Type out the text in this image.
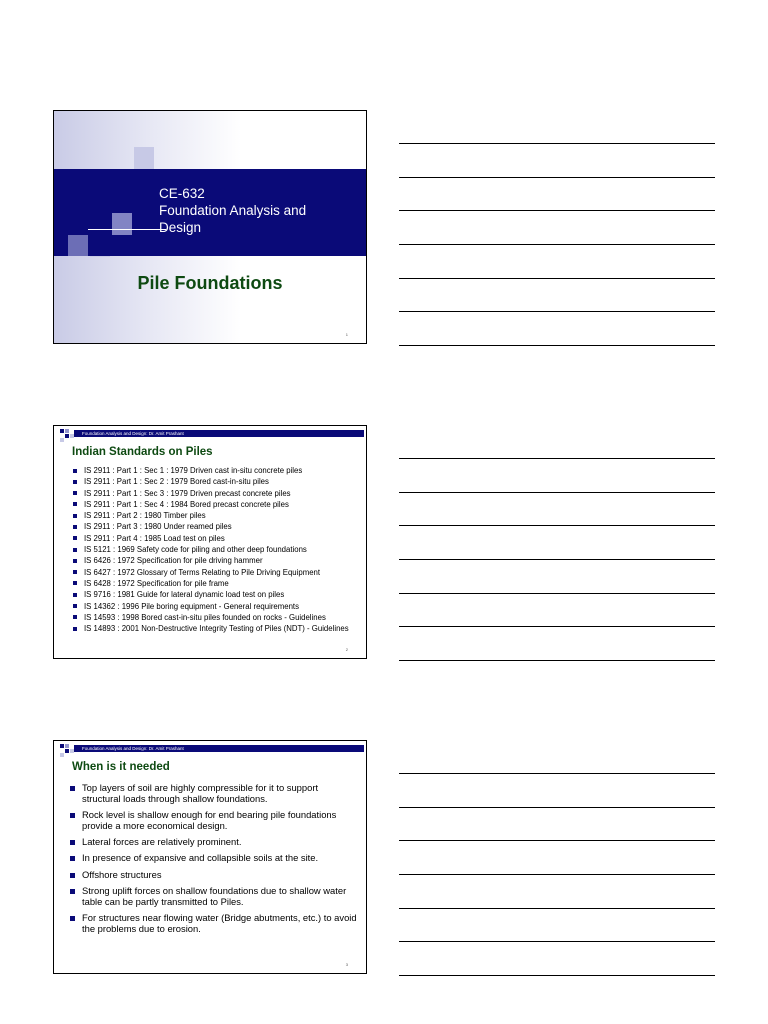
CE-632
Foundation Analysis and
Design
Pile Foundations
1
Foundation Analysis and Design: Dr. Amit Prashant
Indian Standards on Piles
IS 2911 : Part 1 : Sec 1 : 1979 Driven cast in-situ concrete piles
IS 2911 : Part 1 : Sec 2 : 1979 Bored cast-in-situ piles
IS 2911 : Part 1 : Sec 3 : 1979 Driven precast concrete piles
IS 2911 : Part 1 : Sec 4 : 1984 Bored precast concrete piles
IS 2911 : Part 2 : 1980 Timber piles
IS 2911 : Part 3 : 1980 Under reamed piles
IS 2911 : Part 4 : 1985 Load test on piles
IS 5121 : 1969 Safety code for piling and other deep foundations
IS 6426 : 1972 Specification for pile driving hammer
IS 6427 : 1972 Glossary of Terms Relating to Pile Driving Equipment
IS 6428 : 1972 Specification for pile frame
IS 9716 : 1981 Guide for lateral dynamic load test on piles
IS 14362 : 1996 Pile boring equipment - General requirements
IS 14593 : 1998 Bored cast-in-situ piles founded on rocks - Guidelines
IS 14893 : 2001 Non-Destructive Integrity Testing of Piles (NDT) - Guidelines
2
Foundation Analysis and Design: Dr. Amit Prashant
When is it needed
Top layers of soil are highly compressible for it to support structural loads through shallow foundations.
Rock level is shallow enough for end bearing pile foundations provide a more economical design.
Lateral forces are relatively prominent.
In presence of expansive and collapsible soils at the site.
Offshore structures
Strong uplift forces on shallow foundations due to shallow water table can be partly transmitted to Piles.
For structures near flowing water (Bridge abutments, etc.) to avoid the problems due to erosion.
3
